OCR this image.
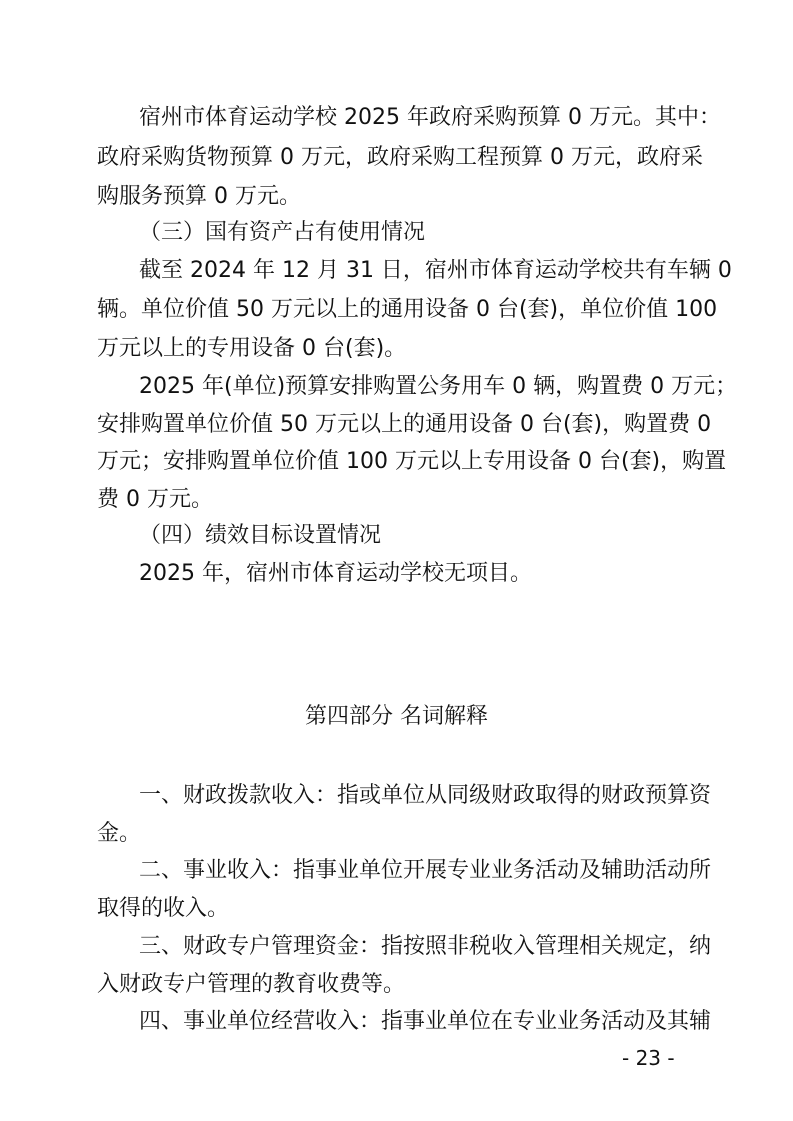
宿州市体育运动学校 2025 年政府采购预算 0 万元。其中：

政府采购货物预算 0 万元，政府采购工程预算 0 万元，政府采

购服务预算 0 万元。

（三）国有资产占有使用情况

截至 2024 年 12 月 31 日，宿州市体育运动学校共有车辆 0

辆。单位价值 50 万元以上的通用设备 0 台(套)，单位价值 100

万元以上的专用设备 0 台(套)。

2025 年(单位)预算安排购置公务用车 0 辆，购置费 0 万元；

安排购置单位价值 50 万元以上的通用设备 0 台(套)，购置费 0

万元；安排购置单位价值 100 万元以上专用设备 0 台(套)，购置

费 0 万元。

（四）绩效目标设置情况

2025 年，宿州市体育运动学校无项目。

第四部分 名词解释

一、财政拨款收入：指或单位从同级财政取得的财政预算资

金。

二、事业收入：指事业单位开展专业业务活动及辅助活动所

取得的收入。

三、财政专户管理资金：指按照非税收入管理相关规定，纳

入财政专户管理的教育收费等。

四、事业单位经营收入：指事业单位在专业业务活动及其辅

- 23 -
